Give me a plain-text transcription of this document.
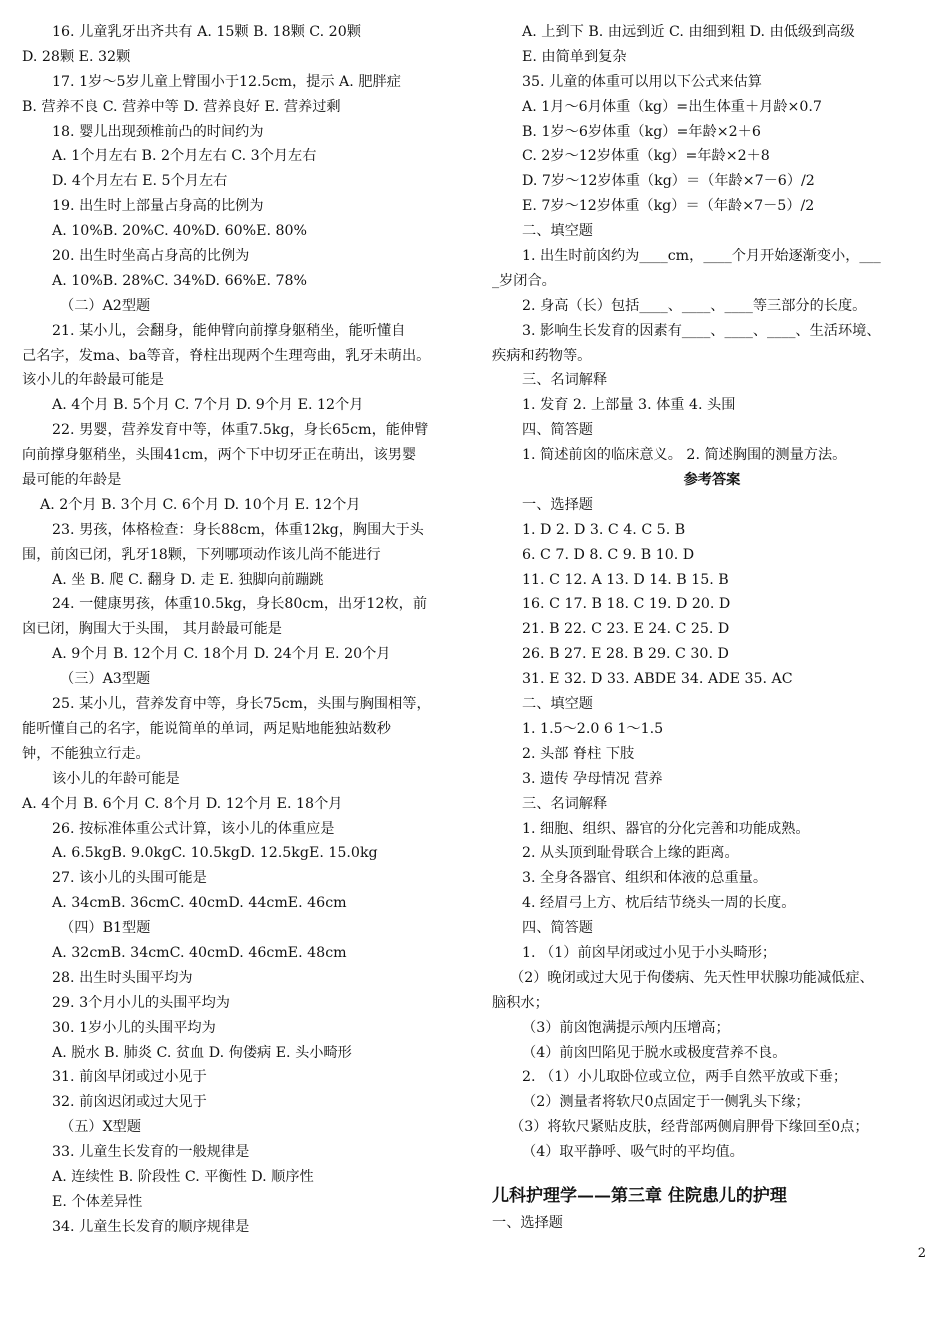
16. 儿童乳牙出齐共有 A. 15颗 B. 18颗 C. 20颗
D. 28颗 E. 32颗
17. 1岁～5岁儿童上臂围小于12.5cm，提示 A. 肥胖症
B. 营养不良 C. 营养中等 D. 营养良好 E. 营养过剩
18. 婴儿出现颈椎前凸的时间约为
A. 1个月左右 B. 2个月左右 C. 3个月左右
D. 4个月左右 E. 5个月左右
19. 出生时上部量占身高的比例为
A. 10%B. 20%C. 40%D. 60%E. 80%
20. 出生时坐高占身高的比例为
A. 10%B. 28%C. 34%D. 66%E. 78%
（二）A2型题
21. 某小儿，会翻身，能伸臂向前撑身躯稍坐，能听懂自
己名字，发ma、ba等音，脊柱出现两个生理弯曲，乳牙未萌出。
该小儿的年龄最可能是
A. 4个月 B. 5个月 C. 7个月 D. 9个月 E. 12个月
22. 男婴，营养发育中等，体重7.5kg，身长65cm，能伸臂
向前撑身躯稍坐，头围41cm，两个下中切牙正在萌出，该男婴
最可能的年龄是
A. 2个月 B. 3个月 C. 6个月 D. 10个月 E. 12个月
23. 男孩，体格检查：身长88cm，体重12kg，胸围大于头
围，前囟已闭，乳牙18颗，下列哪项动作该儿尚不能进行
A. 坐 B. 爬 C. 翻身 D. 走 E. 独脚向前蹦跳
24. 一健康男孩，体重10.5kg，身长80cm，出牙12枚，前
囟已闭，胸围大于头围， 其月龄最可能是
A. 9个月 B. 12个月 C. 18个月 D. 24个月 E. 20个月
（三）A3型题
25. 某小儿，营养发育中等，身长75cm，头围与胸围相等，
能听懂自己的名字，能说简单的单词，两足贴地能独站数秒
钟，不能独立行走。
该小儿的年龄可能是
A. 4个月 B. 6个月 C. 8个月 D. 12个月 E. 18个月
26. 按标准体重公式计算，该小儿的体重应是
A. 6.5kgB. 9.0kgC. 10.5kgD. 12.5kgE. 15.0kg
27. 该小儿的头围可能是
A. 34cmB. 36cmC. 40cmD. 44cmE. 46cm
（四）B1型题
A. 32cmB. 34cmC. 40cmD. 46cmE. 48cm
28. 出生时头围平均为
29. 3个月小儿的头围平均为
30. 1岁小儿的头围平均为
A. 脱水 B. 肺炎 C. 贫血 D. 佝偻病 E. 头小畸形
31. 前囟早闭或过小见于
32. 前囟迟闭或过大见于
（五）X型题
33. 儿童生长发育的一般规律是
A. 连续性 B. 阶段性 C. 平衡性 D. 顺序性
E. 个体差异性
34. 儿童生长发育的顺序规律是
A. 上到下 B. 由远到近 C. 由细到粗 D. 由低级到高级
E. 由简单到复杂
35. 儿童的体重可以用以下公式来估算
A. 1月～6月体重（kg）=出生体重＋月龄×0.7
B. 1岁～6岁体重（kg）=年龄×2＋6
C. 2岁～12岁体重（kg）=年龄×2＋8
D. 7岁～12岁体重（kg）＝（年龄×7－6）/2
E. 7岁～12岁体重（kg）＝（年龄×7－5）/2
二、填空题
1. 出生时前囟约为____cm，____个月开始逐渐变小，___
_岁闭合。
2. 身高（长）包括____、____、____等三部分的长度。
3. 影响生长发育的因素有____、____、____、生活环境、
疾病和药物等。
三、名词解释
1. 发育 2. 上部量 3. 体重 4. 头围
四、简答题
1. 简述前囟的临床意义。 2. 简述胸围的测量方法。
参考答案
一、选择题
1. D 2. D 3. C 4. C 5. B
6. C 7. D 8. C 9. B 10. D
11. C 12. A 13. D 14. B 15. B
16. C 17. B 18. C 19. D 20. D
21. B 22. C 23. E 24. C 25. D
26. B 27. E 28. B 29. C 30. D
31. E 32. D 33. ABDE 34. ADE 35. AC
二、填空题
1. 1.5～2.0 6 1～1.5
2. 头部 脊柱 下肢
3. 遗传 孕母情况 营养
三、名词解释
1. 细胞、组织、器官的分化完善和功能成熟。
2. 从头顶到耻骨联合上缘的距离。
3. 全身各器官、组织和体液的总重量。
4. 经眉弓上方、枕后结节绕头一周的长度。
四、简答题
1. （1）前囟早闭或过小见于小头畸形；
（2）晚闭或过大见于佝偻病、先天性甲状腺功能减低症、
脑积水；
（3）前囟饱满提示颅内压增高；
（4）前囟凹陷见于脱水或极度营养不良。
2. （1）小儿取卧位或立位，两手自然平放或下垂；
（2）测量者将软尺0点固定于一侧乳头下缘；
（3）将软尺紧贴皮肤，经背部两侧肩胛骨下缘回至0点；
（4）取平静呼、吸气时的平均值。
儿科护理学——第三章 住院患儿的护理
一、选择题
2
